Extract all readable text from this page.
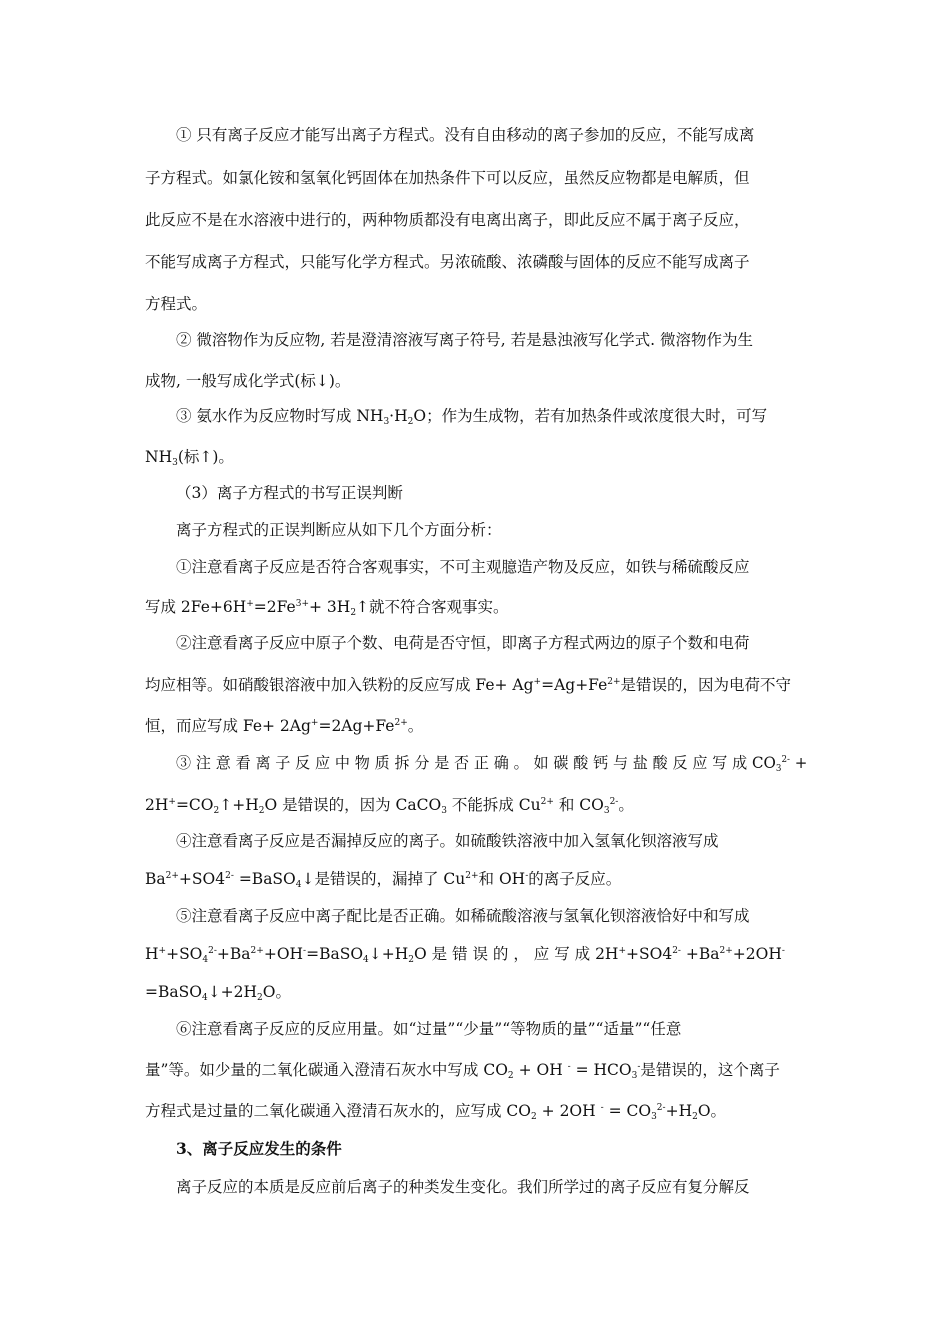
① 只有离子反应才能写出离子方程式。没有自由移动的离子参加的反应，不能写成离
子方程式。如氯化铵和氢氧化钙固体在加热条件下可以反应，虽然反应物都是电解质，但
此反应不是在水溶液中进行的，两种物质都没有电离出离子，即此反应不属于离子反应，
不能写成离子方程式，只能写化学方程式。另浓硫酸、浓磷酸与固体的反应不能写成离子
方程式。
② 微溶物作为反应物, 若是澄清溶液写离子符号, 若是悬浊液写化学式. 微溶物作为生
成物, 一般写成化学式(标↓)。
③ 氨水作为反应物时写成 $NH_3\cdot H_2O$；作为生成物，若有加热条件或浓度很大时，可写
$NH_3$(标↑)。
（3）离子方程式的书写正误判断
离子方程式的正误判断应从如下几个方面分析：
①注意看离子反应是否符合客观事实，不可主观臆造产物及反应，如铁与稀硫酸反应
写成 $2Fe+6H^+=2Fe^{3+}+$ $3H_2↑$就不符合客观事实。
②注意看离子反应中原子个数、电荷是否守恒，即离子方程式两边的原子个数和电荷
均应相等。如硝酸银溶液中加入铁粉的反应写成 $Fe+ Ag^+=Ag+Fe^{2+}$是错误的，因为电荷不守
恒，而应写成 $Fe+ 2Ag^+=2Ag+Fe^{2+}$。
③ 注 意 看 离 子 反 应 中 物 质 拆 分 是 否 正 确 。 如 碳 酸 钙 与 盐 酸 反 应 写 成 $CO_3^{2-}$ +
$2H^+=CO_2↑+H_2O$ 是错误的，因为 CaCO$_3$ 不能拆成 $Cu^{2+}$ 和 $CO_3^{2-}$。
④注意看离子反应是否漏掉反应的离子。如硫酸铁溶液中加入氢氧化钡溶液写成
$Ba^{2+}+SO4^{2-}$ =BaSO$_4$↓是错误的，漏掉了 $Cu^{2+}$和 OH-的离子反应。
⑤注意看离子反应中离子配比是否正确。如稀硫酸溶液与氢氧化钡溶液恰好中和写成
$H^++SO_4^{2-}+Ba^{2+}+OH^-=BaSO_4↓+H_2O$ 是 错 误 的 ， 应 写 成 $2H^++SO4^{2-} +Ba^{2+}+2OH^-$
$=BaSO_4↓+2H_2O$。
⑥注意看离子反应的反应用量。如“过量”“少量”“等物质的量”“适量”“任意
量”等。如少量的二氧化碳通入澄清石灰水中写成 $CO_2$ + OH $^- = HCO_3^-$是错误的，这个离子
方程式是过量的二氧化碳通入澄清石灰水的，应写成 $CO_2 + 2OH$ $^- = CO_3^{2-}+H_2O$。
3、离子反应发生的条件
离子反应的本质是反应前后离子的种类发生变化。我们所学过的离子反应有复分解反
